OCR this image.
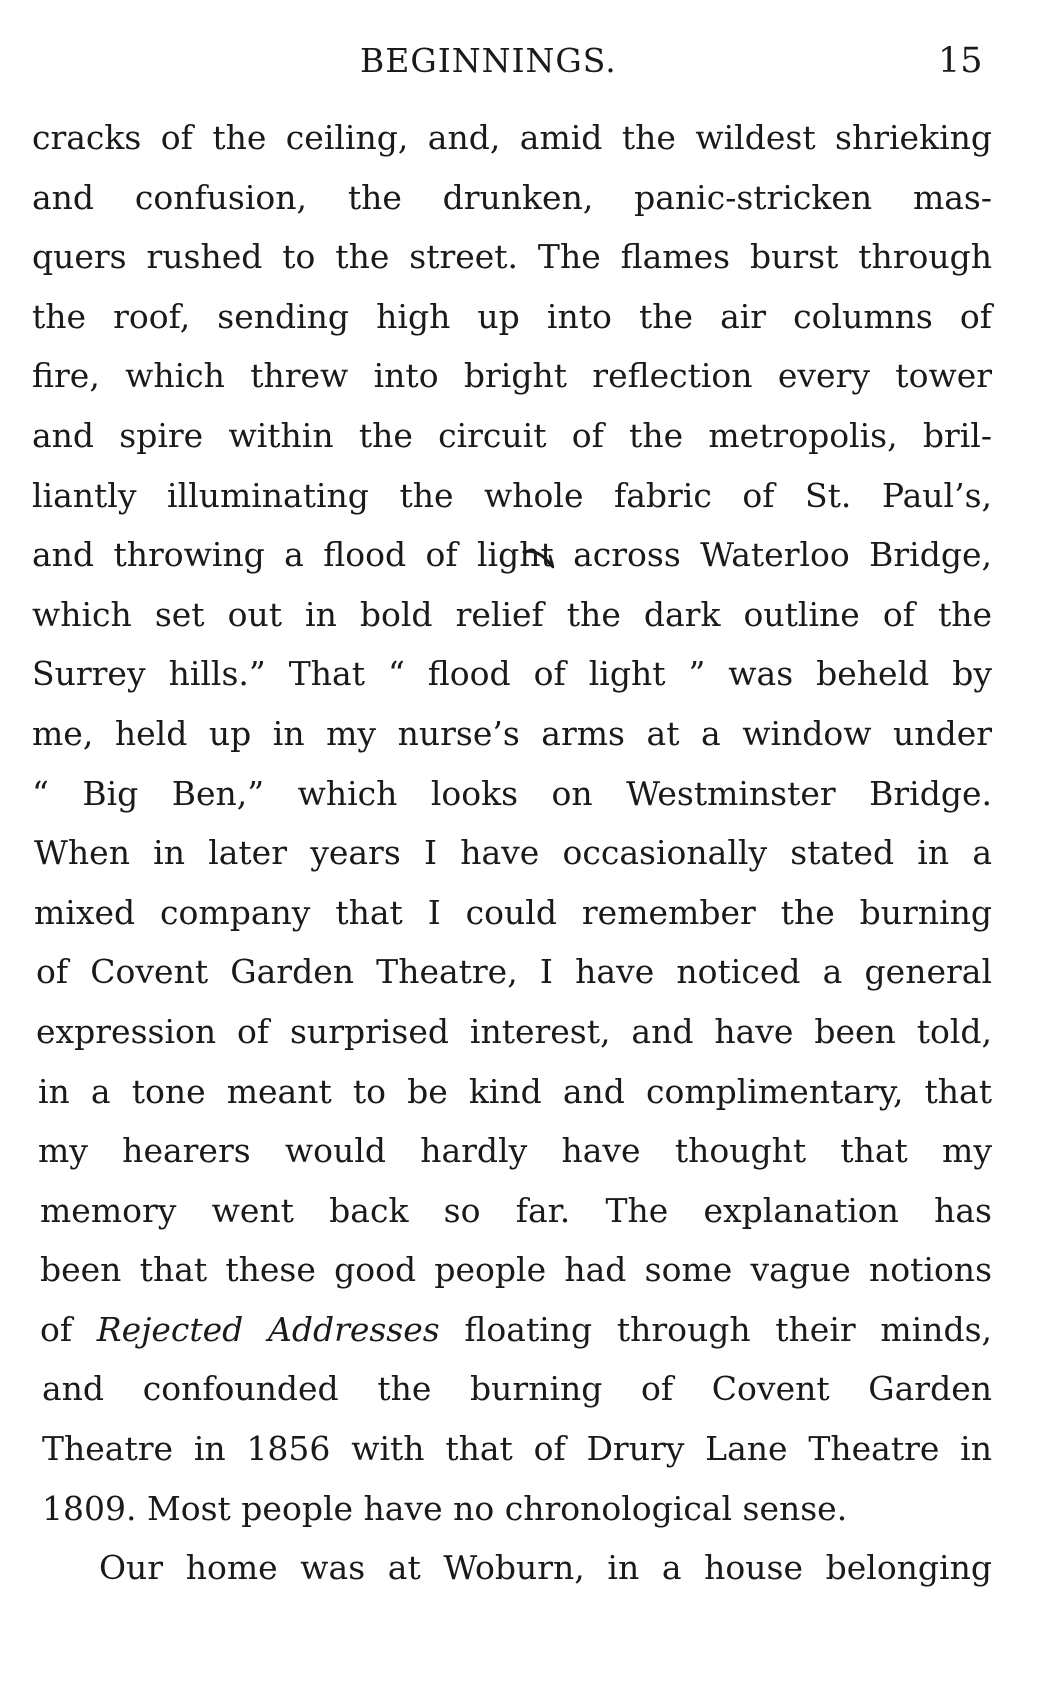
BEGINNINGS.	15
cracks of the ceiling, and, amid the wildest shrieking
and confusion, the drunken, panic-stricken mas-
quers rushed to the street. The flames burst through
the roof, sending high up into the air columns of
fire, which threw into bright reflection every tower
and spire within the circuit of the metropolis, bril-
liantly illuminating the whole fabric of St. Paul’s,
and throwing a flood of light across Waterloo Bridge,
which set out in bold relief the dark outline of the
Surrey hills.” That “ flood of light ” was beheld by
me, held up in my nurse’s arms at a window under
“ Big Ben,” which looks on Westminster Bridge.
When in later years I have occasionally stated in a
mixed company that I could remember the burning
of Covent Garden Theatre, I have noticed a general
expression of surprised interest, and have been told,
in a tone meant to be kind and complimentary, that
my hearers would hardly have thought that my
memory went back so far. The explanation has
been that these good people had some vague notions
of Rejected Addresses floating through their minds,
and confounded the burning of Covent Garden
Theatre in 1856 with that of Drury Lane Theatre in
1809. Most people have no chronological sense.
Our home was at Woburn, in a house belonging
